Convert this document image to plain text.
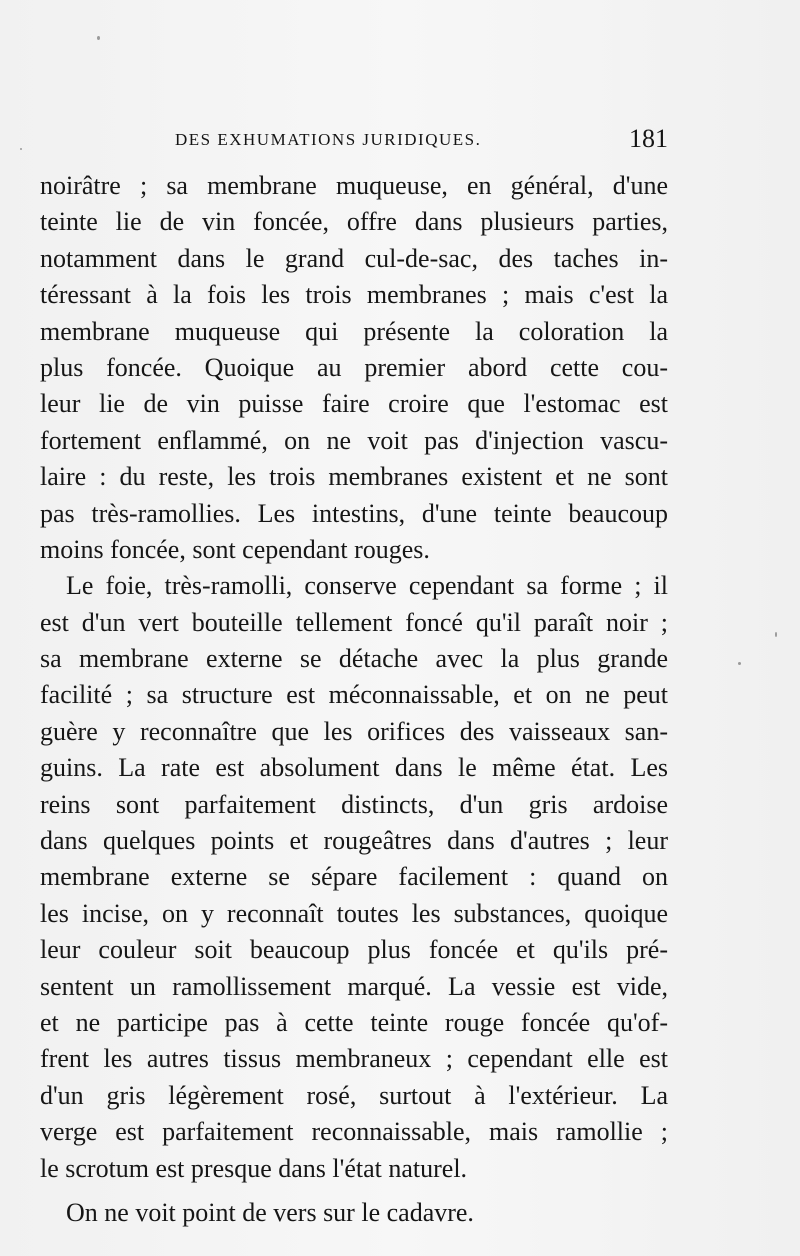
DES EXHUMATIONS JURIDIQUES.	181
noirâtre ; sa membrane muqueuse, en général, d'une
teinte lie de vin foncée, offre dans plusieurs parties,
notamment dans le grand cul-de-sac, des taches in-
téressant à la fois les trois membranes ; mais c'est la
membrane muqueuse qui présente la coloration la
plus foncée. Quoique au premier abord cette cou-
leur lie de vin puisse faire croire que l'estomac est
fortement enflammé, on ne voit pas d'injection vascu-
laire : du reste, les trois membranes existent et ne sont
pas très-ramollies. Les intestins, d'une teinte beaucoup
moins foncée, sont cependant rouges.
Le foie, très-ramolli, conserve cependant sa forme ; il
est d'un vert bouteille tellement foncé qu'il paraît noir ;
sa membrane externe se détache avec la plus grande
facilité ; sa structure est méconnaissable, et on ne peut
guère y reconnaître que les orifices des vaisseaux san-
guins. La rate est absolument dans le même état. Les
reins sont parfaitement distincts, d'un gris ardoise
dans quelques points et rougeâtres dans d'autres ; leur
membrane externe se sépare facilement : quand on
les incise, on y reconnaît toutes les substances, quoique
leur couleur soit beaucoup plus foncée et qu'ils pré-
sentent un ramollissement marqué. La vessie est vide,
et ne participe pas à cette teinte rouge foncée qu'of-
frent les autres tissus membraneux ; cependant elle est
d'un gris légèrement rosé, surtout à l'extérieur. La
verge est parfaitement reconnaissable, mais ramollie ;
le scrotum est presque dans l'état naturel.
On ne voit point de vers sur le cadavre.
